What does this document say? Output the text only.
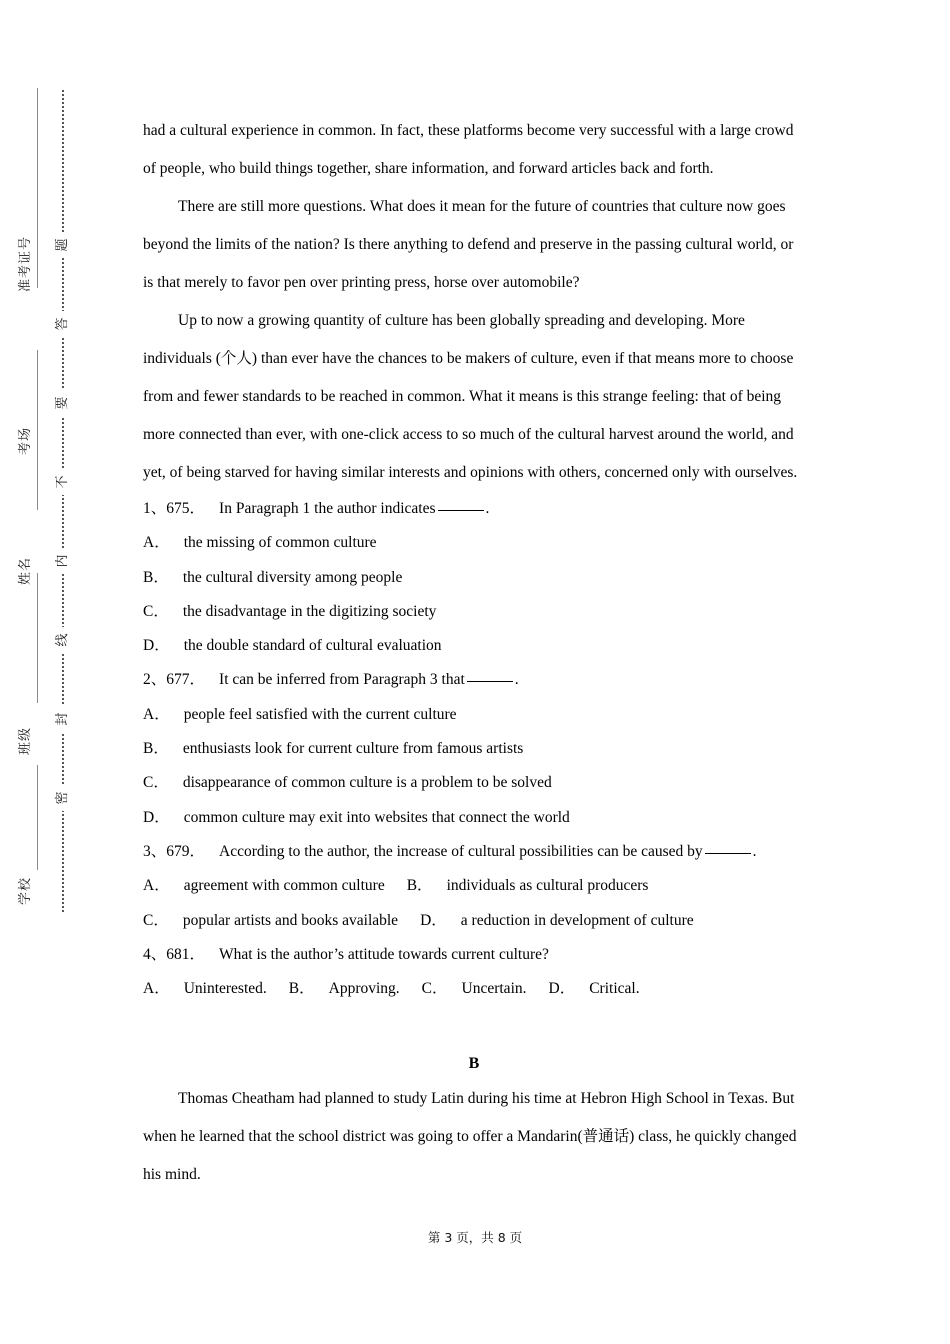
准考证号
考场
姓名
班级
学校
题
答
要
不
内
线
封
密

had a cultural experience in common. In fact, these platforms become very successful with a large crowd of people, who build things together, share information, and forward articles back and forth.

There are still more questions. What does it mean for the future of countries that culture now goes beyond the limits of the nation? Is there anything to defend and preserve in the passing cultural world, or is that merely to favor pen over printing press, horse over automobile?

Up to now a growing quantity of culture has been globally spreading and developing. More individuals (个人) than ever have the chances to be makers of culture, even if that means more to choose from and fewer standards to be reached in common. What it means is this strange feeling: that of being more connected than ever, with one-click access to so much of the cultural harvest around the world, and yet, of being starved for having similar interests and opinions with others, concerned only with ourselves.

1、675． In Paragraph 1 the author indicates	.
A． the missing of common culture
B． the cultural diversity among people
C． the disadvantage in the digitizing society
D． the double standard of cultural evaluation
2、677． It can be inferred from Paragraph 3 that	.
A． people feel satisfied with the current culture
B． enthusiasts look for current culture from famous artists
C． disappearance of common culture is a problem to be solved
D． common culture may exit into websites that connect the world
3、679． According to the author, the increase of cultural possibilities can be caused by	.
A． agreement with common culture B． individuals as cultural producers
C． popular artists and books available D． a reduction in development of culture
4、681． What is the author’s attitude towards current culture?
A． Uninterested. B． Approving. C． Uncertain. D． Critical.

B

Thomas Cheatham had planned to study Latin during his time at Hebron High School in Texas. But when he learned that the school district was going to offer a Mandarin(普通话) class, he quickly changed his mind.

第 3 页，共 8 页
